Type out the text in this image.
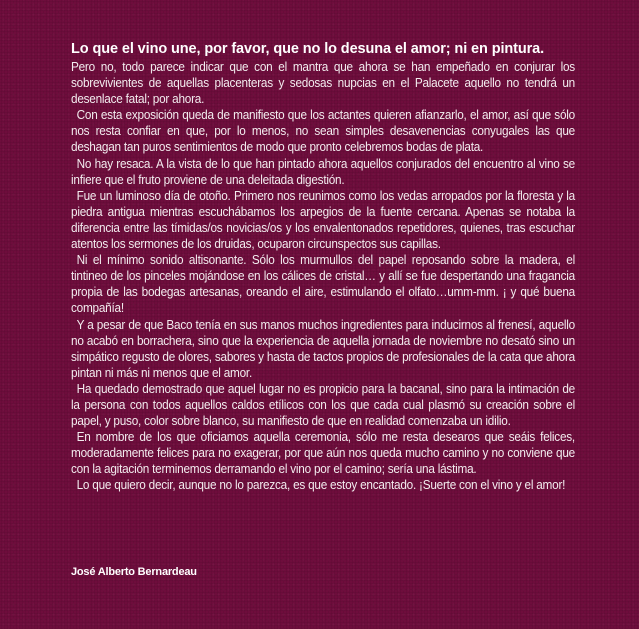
Lo que el vino une, por favor, que no lo desuna el amor; ni en pintura.

Pero no, todo parece indicar que con el mantra que ahora se han empeñado en conjurar los sobrevivientes de aquellas placenteras y sedosas nupcias en el Palacete aquello no tendrá un desenlace fatal; por ahora.

Con esta exposición queda de manifiesto que los actantes quieren afianzarlo, el amor, así que sólo nos resta confiar en que, por lo menos, no sean simples desavenencias conyugales las que deshagan tan puros sentimientos de modo que pronto celebremos bodas de plata.

No hay resaca. A la vista de lo que han pintado ahora aquellos conjurados del encuentro al vino se infiere que el fruto proviene de una deleitada digestión.

Fue un luminoso día de otoño. Primero nos reunimos como los vedas arropados por la floresta y la piedra antigua mientras escuchábamos los arpegios de la fuente cercana. Apenas se notaba la diferencia entre las tímidas/os novicias/os y los envalentonados repetidores, quienes, tras escuchar atentos los sermones de los druidas, ocuparon circunspectos sus capillas.

Ni el mínimo sonido altisonante. Sólo los murmullos del papel reposando sobre la madera, el tintineo de los pinceles mojándose en los cálices de cristal… y allí se fue despertando una fragancia propia de las bodegas artesanas, oreando el aire, estimulando el olfato…umm-mm. ¡ y qué buena compañía!

Y a pesar de que Baco tenía en sus manos muchos ingredientes para inducirnos al frenesí, aquello no acabó en borrachera, sino que la experiencia de aquella jornada de noviembre no desató sino un simpático regusto de olores, sabores y hasta de tactos propios de profesionales de la cata que ahora pintan ni más ni menos que el amor.

Ha quedado demostrado que aquel lugar no es propicio para la bacanal, sino para la intimación de la persona con todos aquellos caldos etílicos con los que cada cual plasmó su creación sobre el papel, y puso, color sobre blanco, su manifiesto de que en realidad comenzaba un idilio.

En nombre de los que oficiamos aquella ceremonia, sólo me resta desearos que seáis felices, moderadamente felices para no exagerar, por que aún nos queda mucho camino y no conviene que con la agitación terminemos derramando el vino por el camino; sería una lástima.

Lo que quiero decir, aunque no lo parezca, es que estoy encantado. ¡Suerte con el vino y el amor!

José Alberto Bernardeau
